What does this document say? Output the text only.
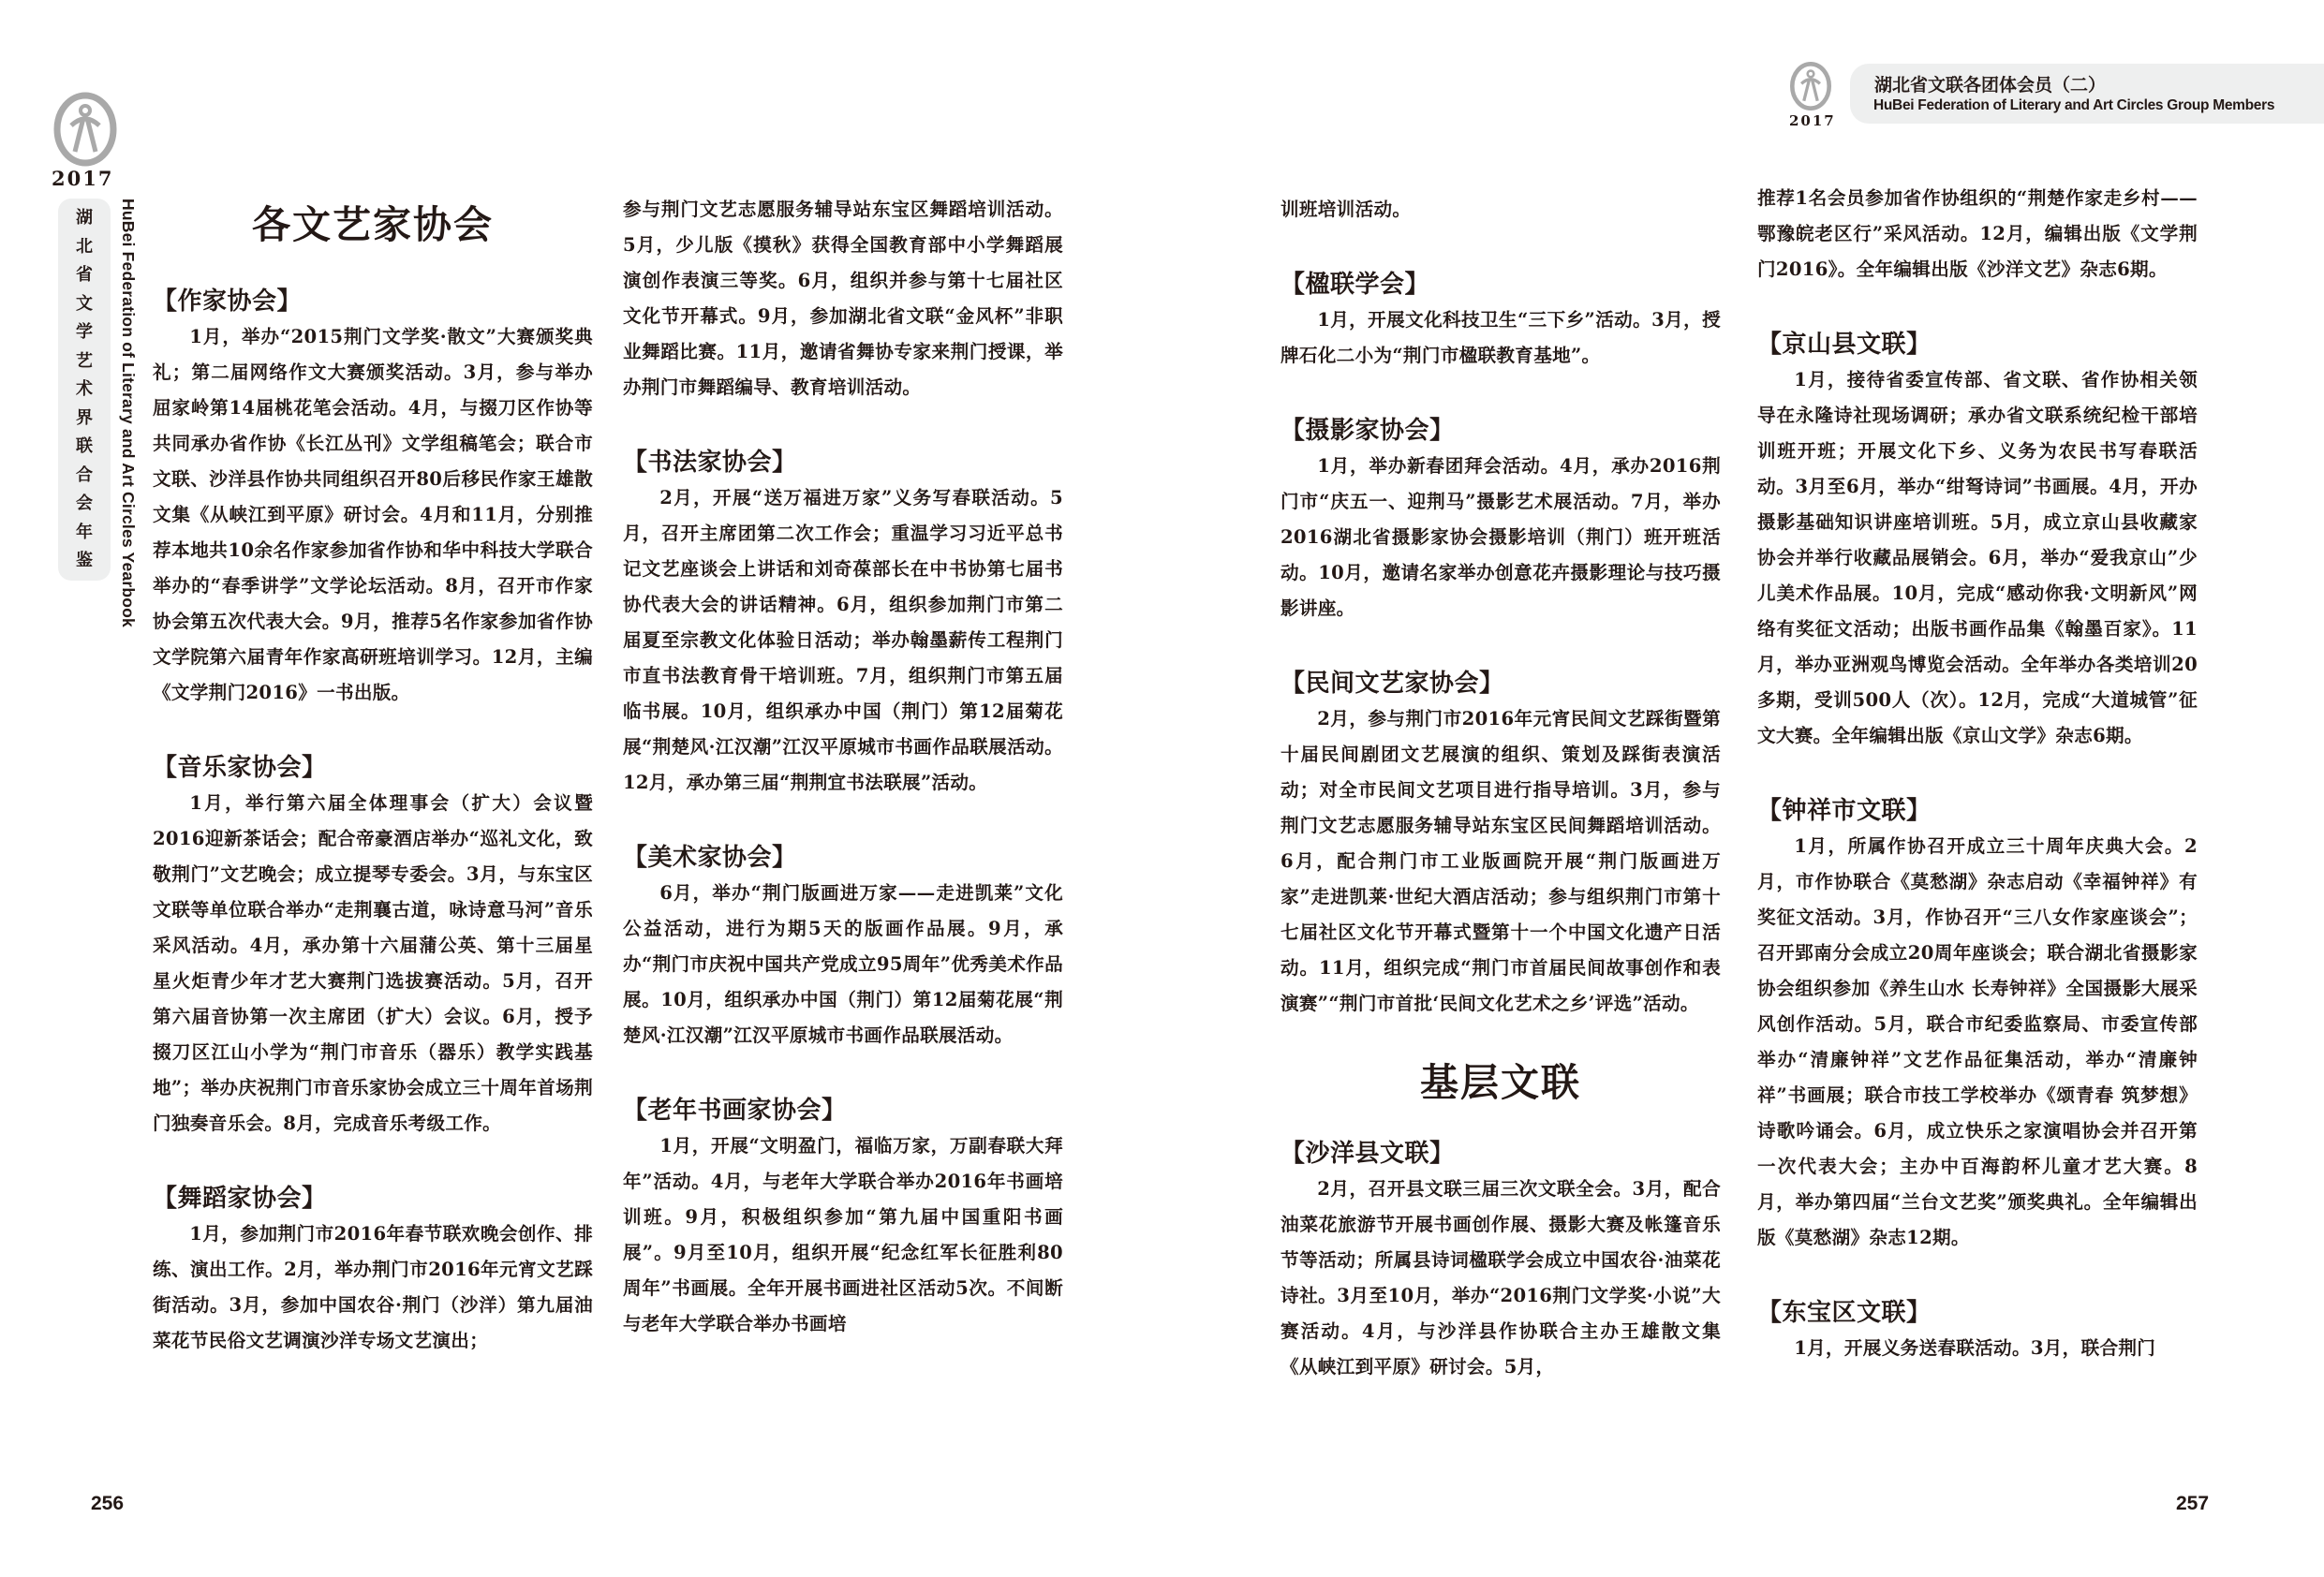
2017
湖
北
省
文
学
艺
术
界
联
合
会
年
鉴 HuBei Federation of Literary and Art Circles Yearbook	各文艺家协会
【作家协会】

1月，举办“2015荆门文学奖·散文”大赛颁奖典礼；第二届网络作文大赛颁奖活动。3月，参与举办屈家岭第14届桃花笔会活动。4月，与掇刀区作协等共同承办省作协《长江丛刊》文学组稿笔会；联合市文联、沙洋县作协共同组织召开80后移民作家王雄散文集《从峡江到平原》研讨会。4月和11月，分别推荐本地共10余名作家参加省作协和华中科技大学联合举办的“春季讲学”文学论坛活动。8月，召开市作家协会第五次代表大会。9月，推荐5名作家参加省作协文学院第六届青年作家高研班培训学习。12月，主编《文学荆门2016》一书出版。

【音乐家协会】

1月，举行第六届全体理事会（扩大）会议暨2016迎新茶话会；配合帝豪酒店举办“巡礼文化，致敬荆门”文艺晚会；成立提琴专委会。3月，与东宝区文联等单位联合举办“走荆襄古道，咏诗意马河”音乐采风活动。4月，承办第十六届蒲公英、第十三届星星火炬青少年才艺大赛荆门选拔赛活动。5月，召开第六届音协第一次主席团（扩大）会议。6月，授予掇刀区江山小学为“荆门市音乐（器乐）教学实践基地”；举办庆祝荆门市音乐家协会成立三十周年首场荆门独奏音乐会。8月，完成音乐考级工作。

【舞蹈家协会】

1月，参加荆门市2016年春节联欢晚会创作、排练、演出工作。2月，举办荆门市2016年元宵文艺踩街活动。3月，参加中国农谷·荆门（沙洋）第九届油菜花节民俗文艺调演沙洋专场文艺演出；

参与荆门文艺志愿服务辅导站东宝区舞蹈培训活动。5月，少儿版《摸秋》获得全国教育部中小学舞蹈展演创作表演三等奖。6月，组织并参与第十七届社区文化节开幕式。9月，参加湖北省文联“金风杯”非职业舞蹈比赛。11月，邀请省舞协专家来荆门授课，举办荆门市舞蹈编导、教育培训活动。

【书法家协会】

2月，开展“送万福进万家”义务写春联活动。5月，召开主席团第二次工作会；重温学习习近平总书记文艺座谈会上讲话和刘奇葆部长在中书协第七届书协代表大会的讲话精神。6月，组织参加荆门市第二届夏至宗教文化体验日活动；举办翰墨薪传工程荆门市直书法教育骨干培训班。7月，组织荆门市第五届临书展。10月，组织承办中国（荆门）第12届菊花展“荆楚风·江汉潮”江汉平原城市书画作品联展活动。12月，承办第三届“荆荆宜书法联展”活动。

【美术家协会】

6月，举办“荆门版画进万家——走进凯莱”文化公益活动，进行为期5天的版画作品展。9月，承办“荆门市庆祝中国共产党成立95周年”优秀美术作品展。10月，组织承办中国（荆门）第12届菊花展“荆楚风·江汉潮”江汉平原城市书画作品联展活动。

【老年书画家协会】

1月，开展“文明盈门，福临万家，万副春联大拜年”活动。4月，与老年大学联合举办2016年书画培训班。9月，积极组织参加“第九届中国重阳书画展”。9月至10月，组织开展“纪念红军长征胜利80周年”书画展。全年开展书画进社区活动5次。不间断与老年大学联合举办书画培

256
2017
湖北省文联各团体会员（二）
HuBei Federation of Literary and Art Circles Group Members

训班培训活动。

【楹联学会】

1月，开展文化科技卫生“三下乡”活动。3月，授牌石化二小为“荆门市楹联教育基地”。

【摄影家协会】

1月，举办新春团拜会活动。4月，承办2016荆门市“庆五一、迎荆马”摄影艺术展活动。7月，举办2016湖北省摄影家协会摄影培训（荆门）班开班活动。10月，邀请名家举办创意花卉摄影理论与技巧摄影讲座。

【民间文艺家协会】

2月，参与荆门市2016年元宵民间文艺踩街暨第十届民间剧团文艺展演的组织、策划及踩街表演活动；对全市民间文艺项目进行指导培训。3月，参与荆门文艺志愿服务辅导站东宝区民间舞蹈培训活动。6月，配合荆门市工业版画院开展“荆门版画进万家”走进凯莱·世纪大酒店活动；参与组织荆门市第十七届社区文化节开幕式暨第十一个中国文化遗产日活动。11月，组织完成“荆门市首届民间故事创作和表演赛”“荆门市首批‘民间文化艺术之乡’评选”活动。

基层文联
【沙洋县文联】

2月，召开县文联三届三次文联全会。3月，配合油菜花旅游节开展书画创作展、摄影大赛及帐篷音乐节等活动；所属县诗词楹联学会成立中国农谷·油菜花诗社。3月至10月，举办“2016荆门文学奖·小说”大赛活动。4月，与沙洋县作协联合主办王雄散文集《从峡江到平原》研讨会。5月，

推荐1名会员参加省作协组织的“荆楚作家走乡村——鄂豫皖老区行”采风活动。12月，编辑出版《文学荆门2016》。全年编辑出版《沙洋文艺》杂志6期。

【京山县文联】

1月，接待省委宣传部、省文联、省作协相关领导在永隆诗社现场调研；承办省文联系统纪检干部培训班开班；开展文化下乡、义务为农民书写春联活动。3月至6月，举办“绀弩诗词”书画展。4月，开办摄影基础知识讲座培训班。5月，成立京山县收藏家协会并举行收藏品展销会。6月，举办“爱我京山”少儿美术作品展。10月，完成“感动你我·文明新风”网络有奖征文活动；出版书画作品集《翰墨百家》。11月，举办亚洲观鸟博览会活动。全年举办各类培训20多期，受训500人（次）。12月，完成“大道城管”征文大赛。全年编辑出版《京山文学》杂志6期。

【钟祥市文联】

1月，所属作协召开成立三十周年庆典大会。2月，市作协联合《莫愁湖》杂志启动《幸福钟祥》有奖征文活动。3月，作协召开“三八女作家座谈会”；召开郢南分会成立20周年座谈会；联合湖北省摄影家协会组织参加《养生山水 长寿钟祥》全国摄影大展采风创作活动。5月，联合市纪委监察局、市委宣传部举办“清廉钟祥”文艺作品征集活动，举办“清廉钟祥”书画展；联合市技工学校举办《颂青春 筑梦想》诗歌吟诵会。6月，成立快乐之家演唱协会并召开第一次代表大会；主办中百海韵杯儿童才艺大赛。8月，举办第四届“兰台文艺奖”颁奖典礼。全年编辑出版《莫愁湖》杂志12期。

【东宝区文联】

1月，开展义务送春联活动。3月，联合荆门

257
